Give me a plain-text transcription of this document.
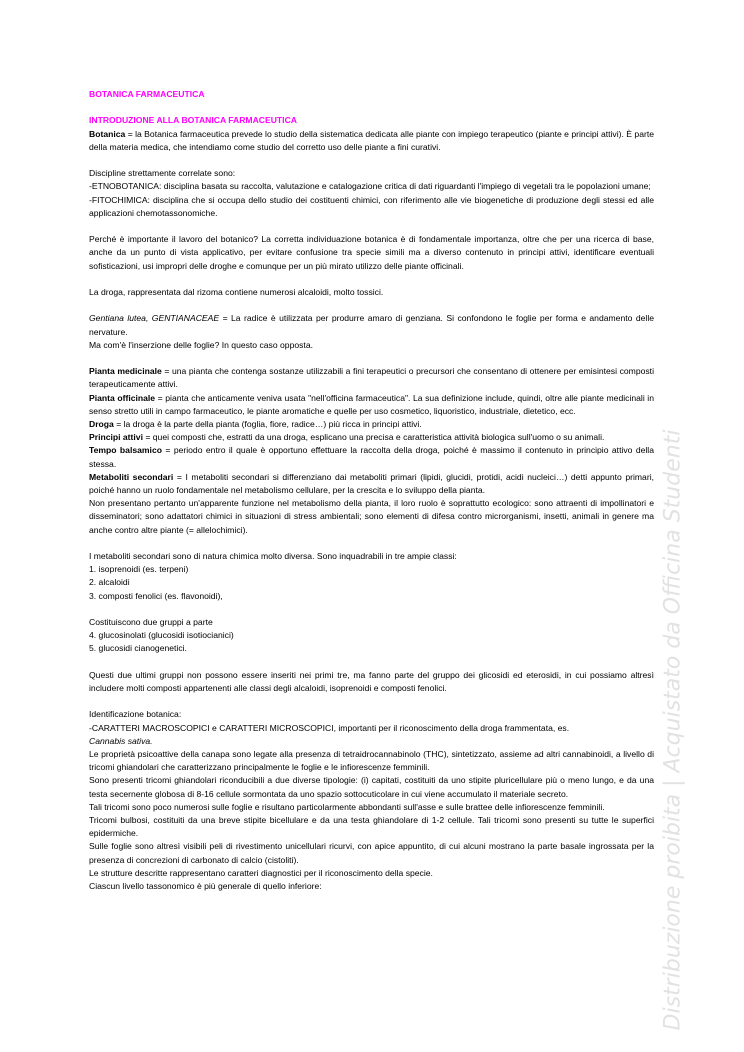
BOTANICA FARMACEUTICA

INTRODUZIONE ALLA BOTANICA FARMACEUTICA

Botanica = la Botanica farmaceutica prevede lo studio della sistematica dedicata alle piante con impiego terapeutico (piante e principi attivi). È parte della materia medica, che intendiamo come studio del corretto uso delle piante a fini curativi.

Discipline strettamente correlate sono:

-ETNOBOTANICA: disciplina basata su raccolta, valutazione e catalogazione critica di dati riguardanti l'impiego di vegetali tra le popolazioni umane;

-FITOCHIMICA: disciplina che si occupa dello studio dei costituenti chimici, con riferimento alle vie biogenetiche di produzione degli stessi ed alle applicazioni chemotassonomiche.

Perché è importante il lavoro del botanico? La corretta individuazione botanica è di fondamentale importanza, oltre che per una ricerca di base, anche da un punto di vista applicativo, per evitare confusione tra specie simili ma a diverso contenuto in principi attivi, identificare eventuali sofisticazioni, usi impropri delle droghe e comunque per un più mirato utilizzo delle piante officinali.

La droga, rappresentata dal rizoma contiene numerosi alcaloidi, molto tossici.

Gentiana lutea, GENTIANACEAE = La radice è utilizzata per produrre amaro di genziana. Si confondono le foglie per forma e andamento delle nervature.

Ma com'è l'inserzione delle foglie? In questo caso opposta.

Pianta medicinale = una pianta che contenga sostanze utilizzabili a fini terapeutici o precursori che consentano di ottenere per emisintesi composti terapeuticamente attivi.

Pianta officinale = pianta che anticamente veniva usata "nell'officina farmaceutica". La sua definizione include, quindi, oltre alle piante medicinali in senso stretto utili in campo farmaceutico, le piante aromatiche e quelle per uso cosmetico, liquoristico, industriale, dietetico, ecc.

Droga = la droga è la parte della pianta (foglia, fiore, radice…) più ricca in principi attivi.

Principi attivi = quei composti che, estratti da una droga, esplicano una precisa e caratteristica attività biologica sull'uomo o su animali.

Tempo balsamico = periodo entro il quale è opportuno effettuare la raccolta della droga, poiché è massimo il contenuto in principio attivo della stessa.

Metaboliti secondari = I metaboliti secondari si differenziano dai metaboliti primari (lipidi, glucidi, protidi, acidi nucleici…) detti appunto primari, poiché hanno un ruolo fondamentale nel metabolismo cellulare, per la crescita e lo sviluppo della pianta.

Non presentano pertanto un'apparente funzione nel metabolismo della pianta, il loro ruolo è soprattutto ecologico: sono attraenti di impollinatori e disseminatori; sono adattatori chimici in situazioni di stress ambientali; sono elementi di difesa contro microrganismi, insetti, animali in genere ma anche contro altre piante (= allelochimici).

I metaboliti secondari sono di natura chimica molto diversa. Sono inquadrabili in tre ampie classi:

1. isoprenoidi (es. terpeni)

2. alcaloidi

3. composti fenolici (es. flavonoidi),

Costituiscono due gruppi a parte

4. glucosinolati (glucosidi isotiocianici)

5. glucosidi cianogenetici.

Questi due ultimi gruppi non possono essere inseriti nei primi tre, ma fanno parte del gruppo dei glicosidi ed eterosidi, in cui possiamo altresì includere molti composti appartenenti alle classi degli alcaloidi, isoprenoidi e composti fenolici.

Identificazione botanica:

-CARATTERI MACROSCOPICI e CARATTERI MICROSCOPICI, importanti per il riconoscimento della droga frammentata, es.
Cannabis sativa.

Le proprietà psicoattive della canapa sono legate alla presenza di tetraidrocannabinolo (THC), sintetizzato, assieme ad altri cannabinoidi, a livello di tricomi ghiandolari che caratterizzano principalmente le foglie e le infiorescenze femminili.

Sono presenti tricomi ghiandolari riconducibili a due diverse tipologie: (i) capitati, costituiti da uno stipite pluricellulare più o meno lungo, e da una testa secernente globosa di 8-16 cellule sormontata da uno spazio sottocuticolare in cui viene accumulato il materiale secreto.

Tali tricomi sono poco numerosi sulle foglie e risultano particolarmente abbondanti sull'asse e sulle brattee delle infiorescenze femminili.

Tricomi bulbosi, costituiti da una breve stipite bicellulare e da una testa ghiandolare di 1-2 cellule. Tali tricomi sono presenti su tutte le superfici epidermiche.

Sulle foglie sono altresì visibili peli di rivestimento unicellulari ricurvi, con apice appuntito, di cui alcuni mostrano la parte basale ingrossata per la presenza di concrezioni di carbonato di calcio (cistoliti).

Le strutture descritte rappresentano caratteri diagnostici per il riconoscimento della specie.

Ciascun livello tassonomico è più generale di quello inferiore:	Distribuzione proibita | Acquistato da Officina Studenti
